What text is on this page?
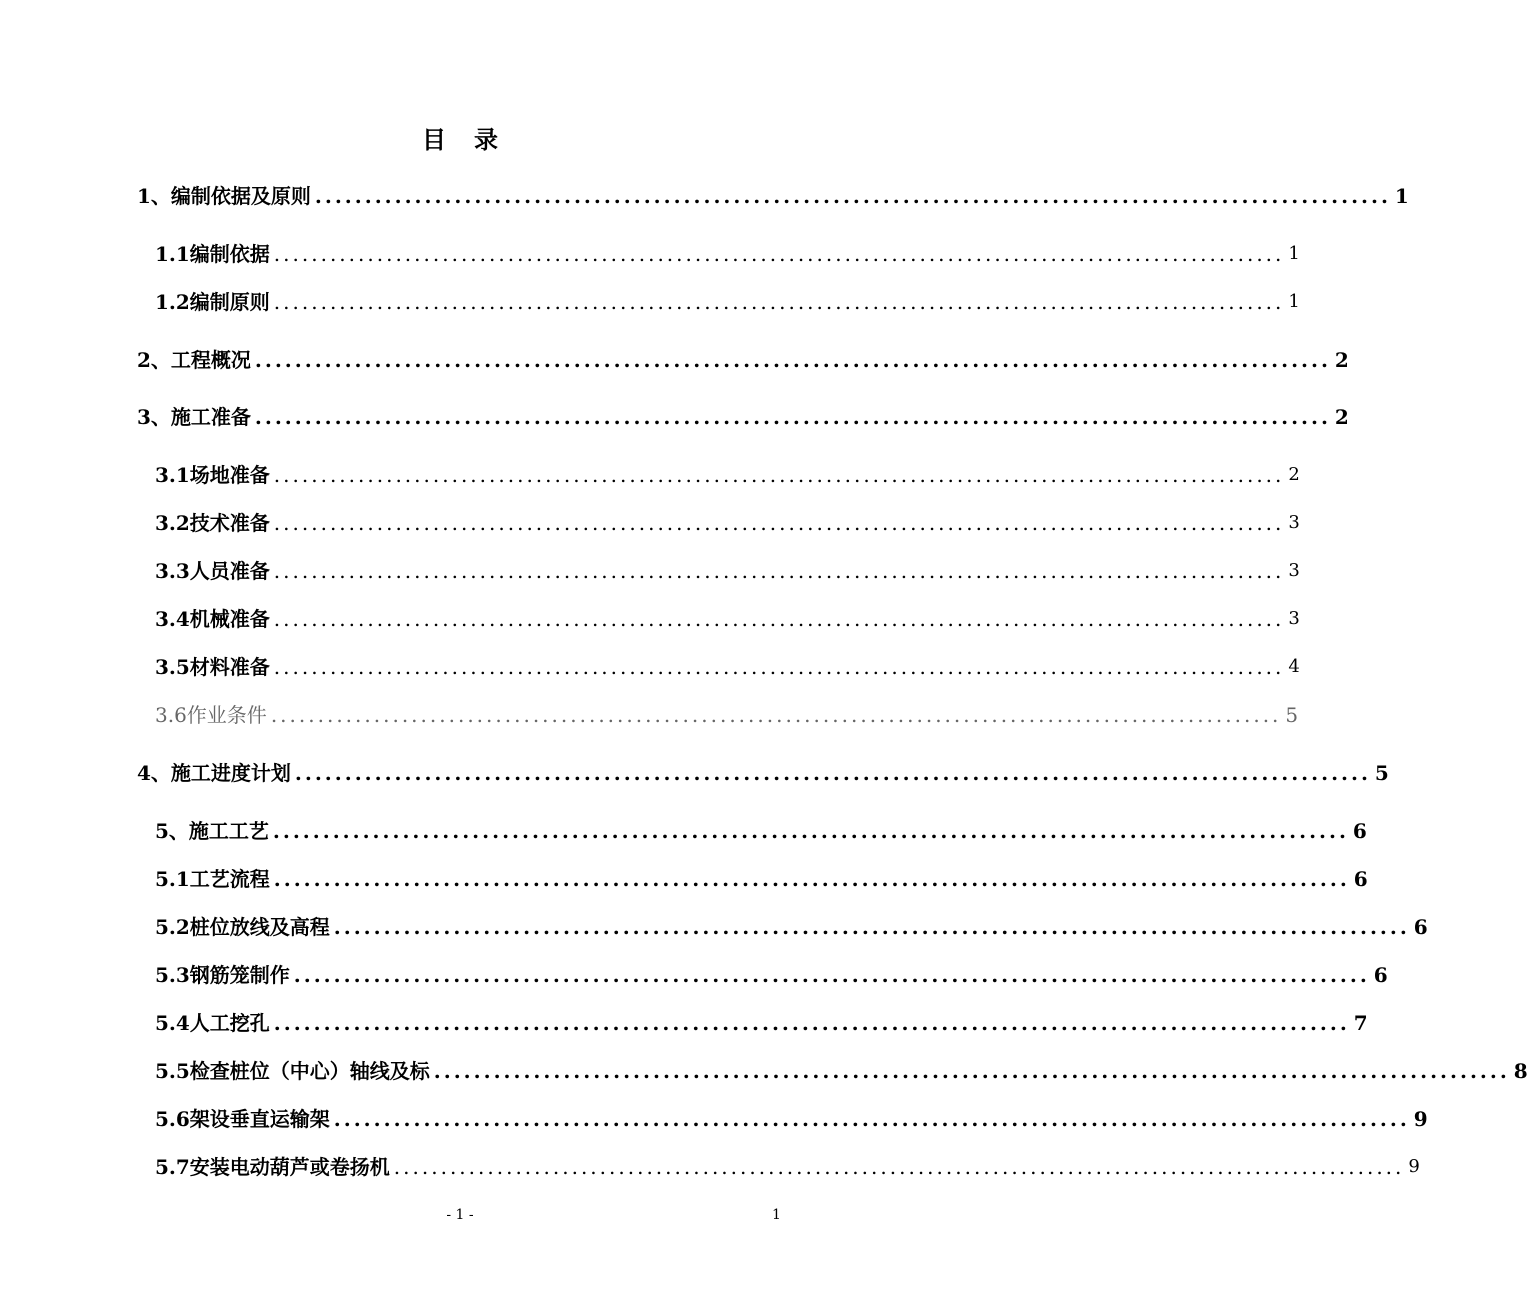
目录
1、编制依据及原则 ............................................................................................................ 1
1.1编制依据 ............................................................................................................ 1
1.2编制原则 ............................................................................................................ 1
2、工程概况 ............................................................................................................ 2
3、施工准备 ............................................................................................................ 2
3.1场地准备 ............................................................................................................ 2
3.2技术准备 ............................................................................................................ 3
3.3人员准备 ............................................................................................................ 3
3.4机械准备 ............................................................................................................ 3
3.5材料准备 ............................................................................................................ 4
3.6作业条件 ............................................................................................................ 5
4、施工进度计划 ............................................................................................................ 5
5、施工工艺 ............................................................................................................ 6
5.1工艺流程 ............................................................................................................ 6
5.2桩位放线及高程 ............................................................................................................ 6
5.3钢筋笼制作 ............................................................................................................ 6
5.4人工挖孔 ............................................................................................................ 7
5.5检查桩位（中心）轴线及标 ............................................................................................................ 8
5.6架设垂直运输架 ............................................................................................................ 9
5.7安装电动葫芦或卷扬机 ............................................................................................................ 9
- 1 -	1
